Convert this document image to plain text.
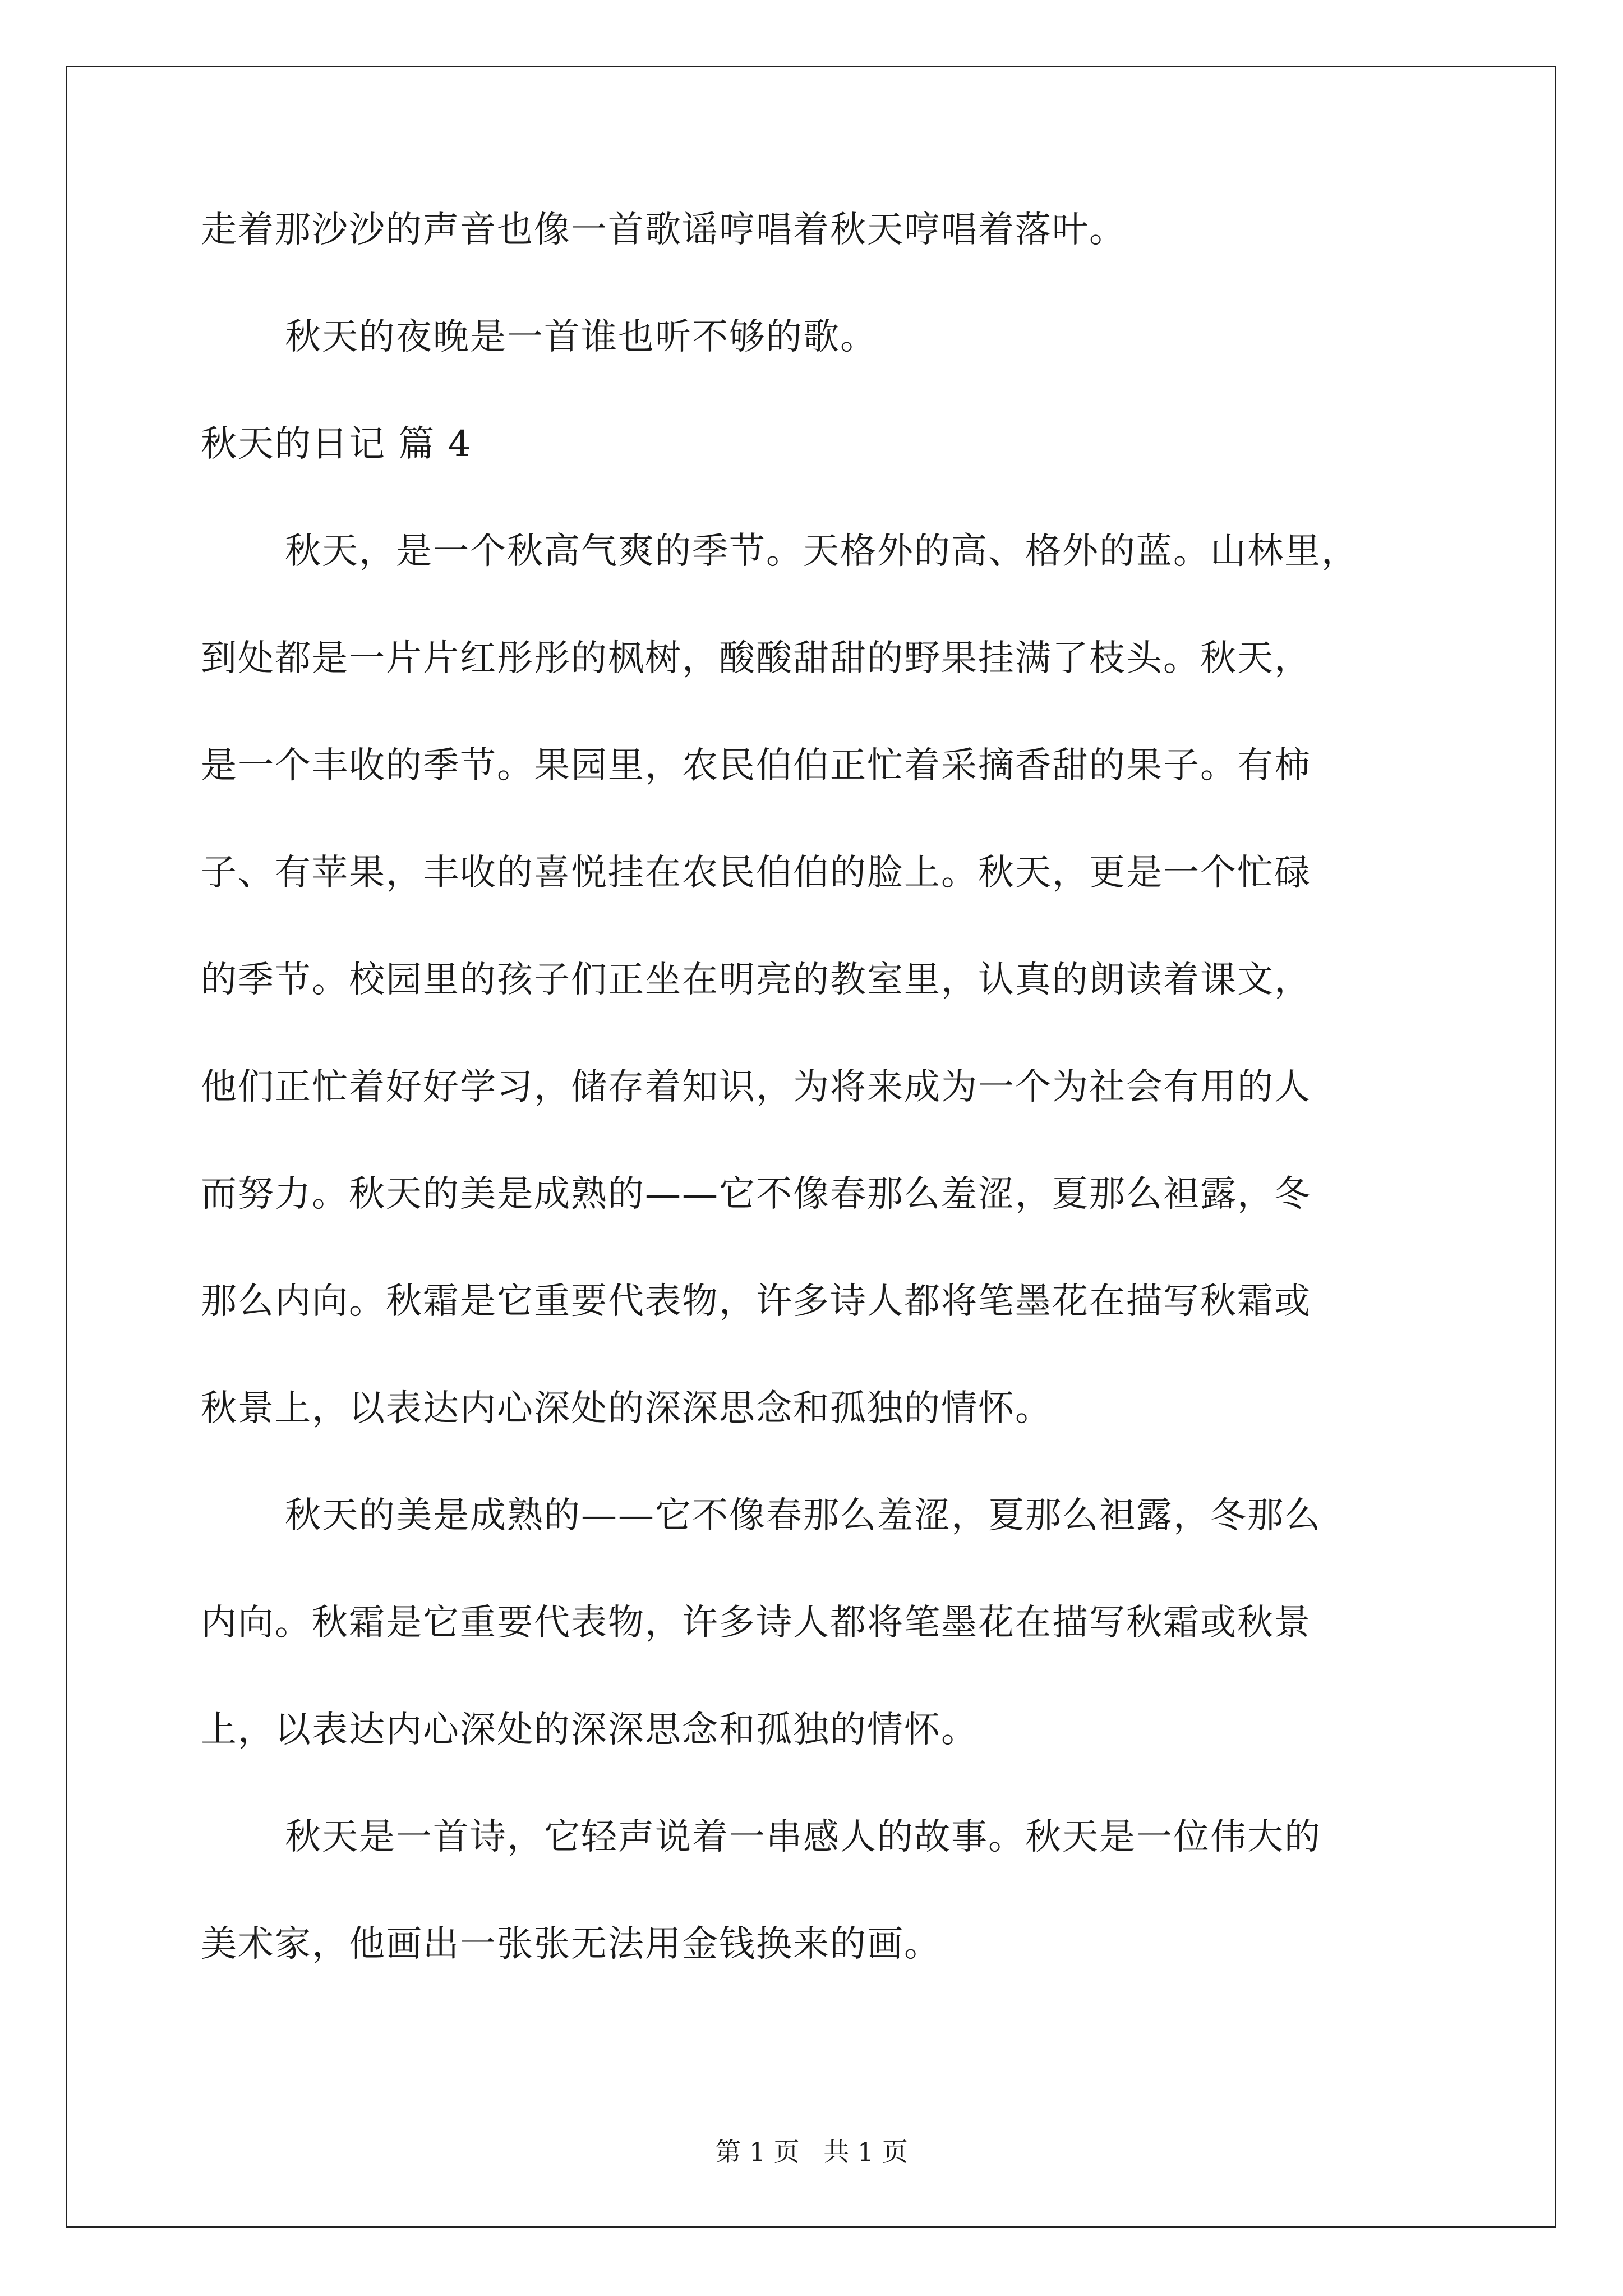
走着那沙沙的声音也像一首歌谣哼唱着秋天哼唱着落叶。
秋天的夜晚是一首谁也听不够的歌。
秋天的日记 篇 4
秋天，是一个秋高气爽的季节。天格外的高、格外的蓝。山林里，
到处都是一片片红彤彤的枫树，酸酸甜甜的野果挂满了枝头。秋天，
是一个丰收的季节。果园里，农民伯伯正忙着采摘香甜的果子。有柿
子、有苹果，丰收的喜悦挂在农民伯伯的脸上。秋天，更是一个忙碌
的季节。校园里的孩子们正坐在明亮的教室里，认真的朗读着课文，
他们正忙着好好学习，储存着知识，为将来成为一个为社会有用的人
而努力。秋天的美是成熟的——它不像春那么羞涩，夏那么袒露，冬
那么内向。秋霜是它重要代表物，许多诗人都将笔墨花在描写秋霜或
秋景上，以表达内心深处的深深思念和孤独的情怀。
秋天的美是成熟的——它不像春那么羞涩，夏那么袒露，冬那么
内向。秋霜是它重要代表物，许多诗人都将笔墨花在描写秋霜或秋景
上，以表达内心深处的深深思念和孤独的情怀。
秋天是一首诗，它轻声说着一串感人的故事。秋天是一位伟大的
美术家，他画出一张张无法用金钱换来的画。
第 1 页 共 1 页
